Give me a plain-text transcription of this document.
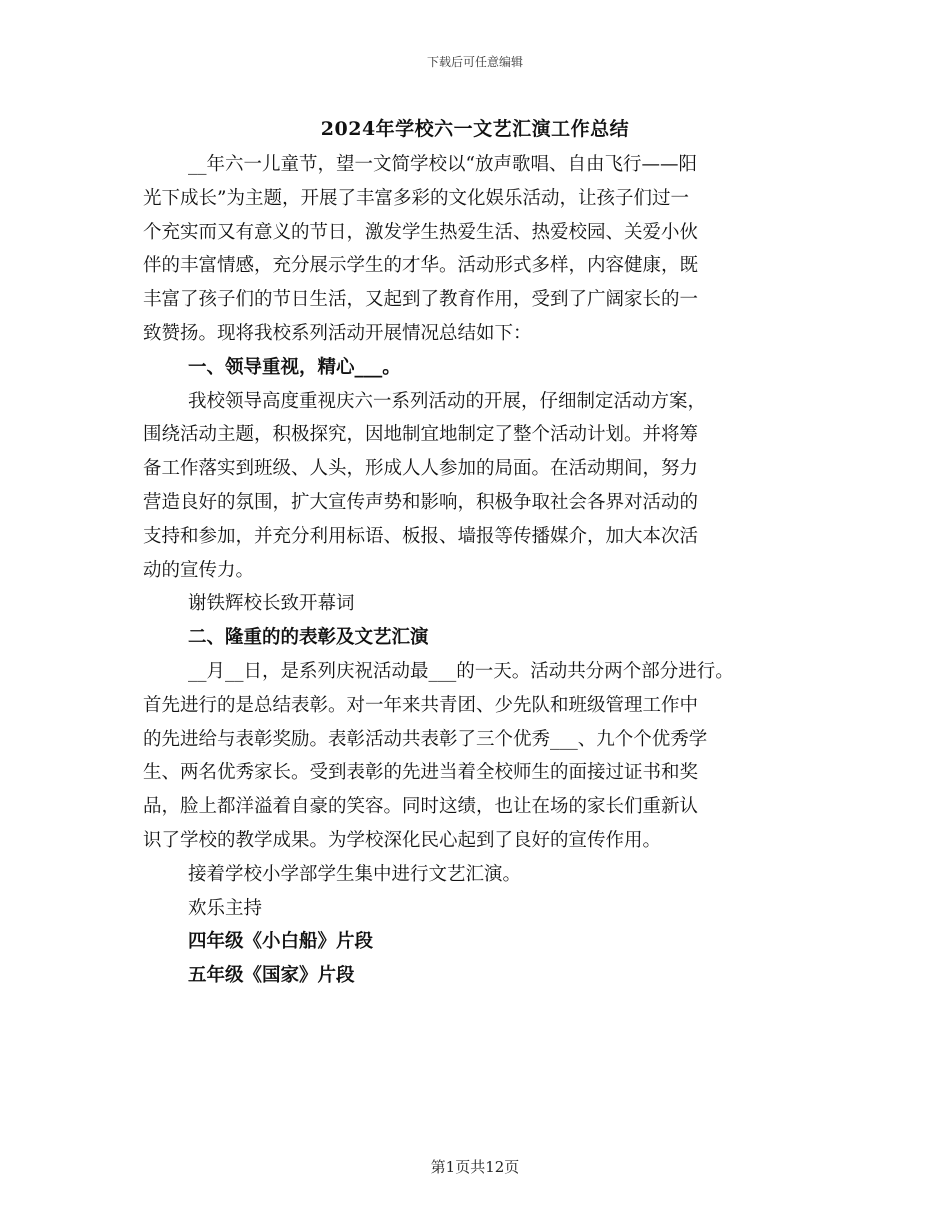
下载后可任意编辑
2024年学校六一文艺汇演工作总结

__年六一儿童节，望一文简学校以“放声歌唱、自由飞行——阳

光下成长”为主题，开展了丰富多彩的文化娱乐活动，让孩子们过一

个充实而又有意义的节日，激发学生热爱生活、热爱校园、关爱小伙

伴的丰富情感，充分展示学生的才华。活动形式多样，内容健康，既

丰富了孩子们的节日生活，又起到了教育作用，受到了广阔家长的一

致赞扬。现将我校系列活动开展情况总结如下：

一、领导重视，精心___。

我校领导高度重视庆六一系列活动的开展，仔细制定活动方案，

围绕活动主题，积极探究，因地制宜地制定了整个活动计划。并将筹

备工作落实到班级、人头，形成人人参加的局面。在活动期间，努力

营造良好的氛围，扩大宣传声势和影响，积极争取社会各界对活动的

支持和参加，并充分利用标语、板报、墙报等传播媒介，加大本次活

动的宣传力。

谢铁辉校长致开幕词

二、隆重的的表彰及文艺汇演

__月__日，是系列庆祝活动最___的一天。活动共分两个部分进行。

首先进行的是总结表彰。对一年来共青团、少先队和班级管理工作中

的先进给与表彰奖励。表彰活动共表彰了三个优秀___、九个个优秀学

生、两名优秀家长。受到表彰的先进当着全校师生的面接过证书和奖

品，脸上都洋溢着自豪的笑容。同时这绩，也让在场的家长们重新认

识了学校的教学成果。为学校深化民心起到了良好的宣传作用。

接着学校小学部学生集中进行文艺汇演。

欢乐主持

四年级《小白船》片段

五年级《国家》片段

第1页共12页
